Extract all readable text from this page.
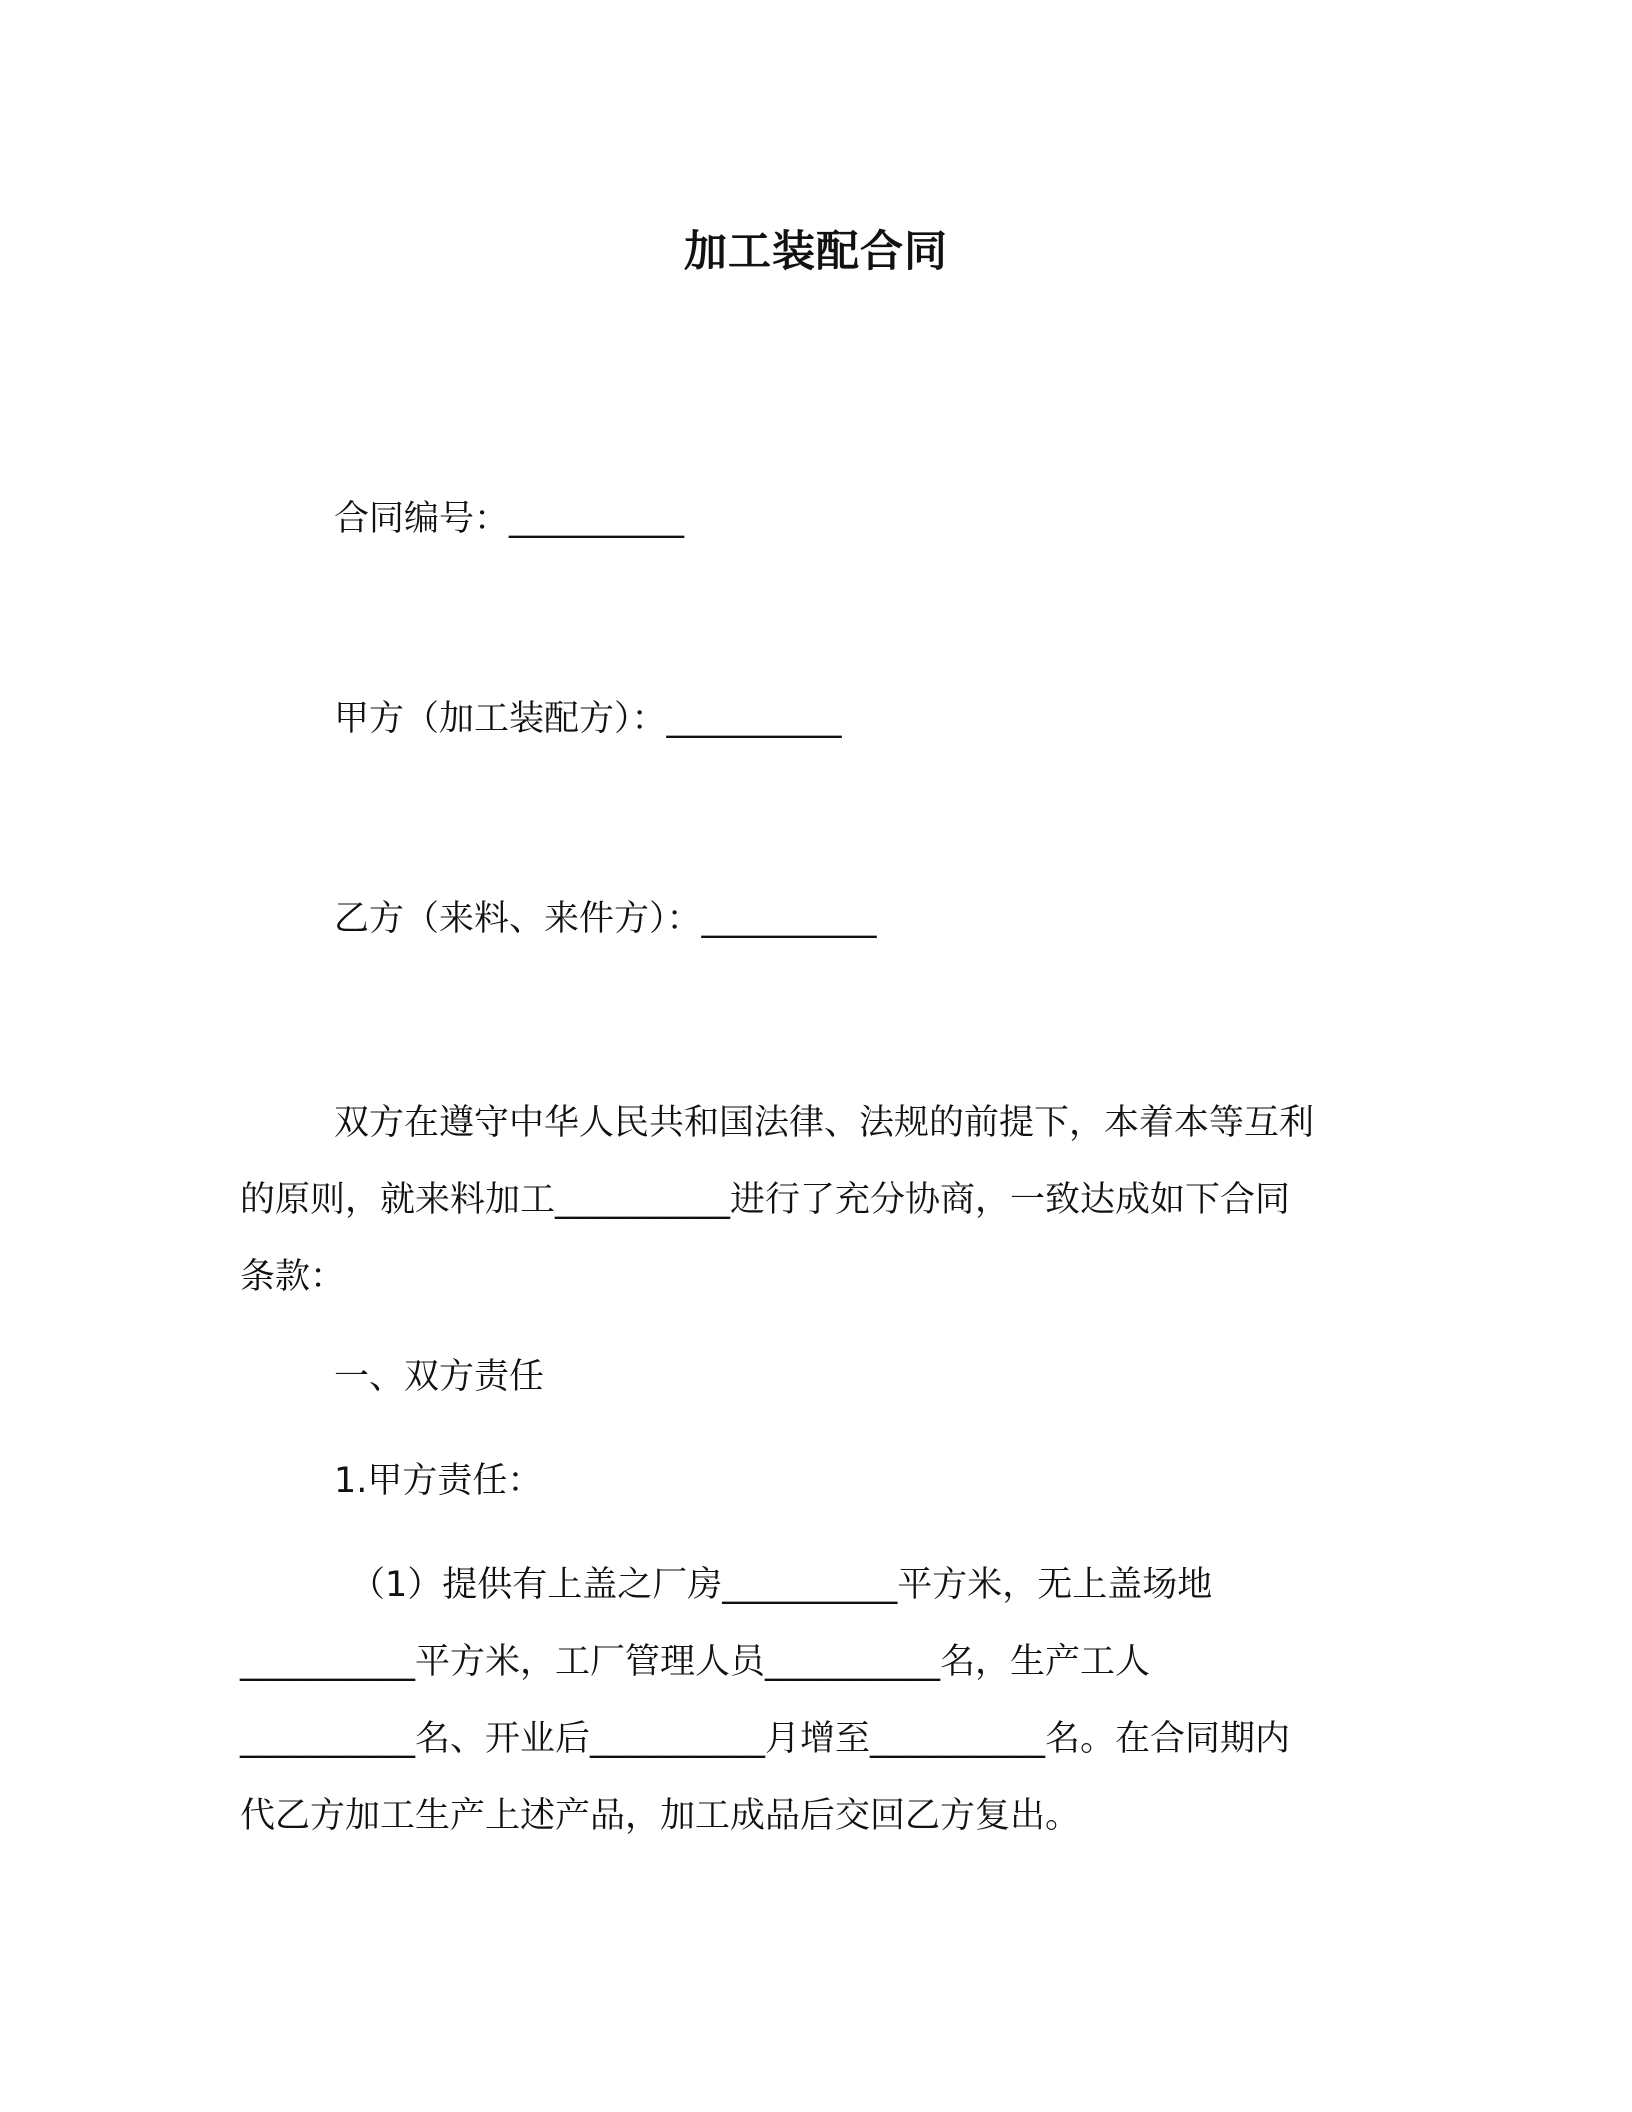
加工装配合同
合同编号：__________
甲方（加工装配方）：__________
乙方（来料、来件方）：__________
双方在遵守中华人民共和国法律、法规的前提下，本着本等互利
的原则，就来料加工__________进行了充分协商，一致达成如下合同
条款：
一、双方责任
1.甲方责任：
（1）提供有上盖之厂房__________平方米，无上盖场地
__________平方米，工厂管理人员__________名，生产工人
__________名、开业后__________月增至__________名。在合同期内
代乙方加工生产上述产品，加工成品后交回乙方复出。
